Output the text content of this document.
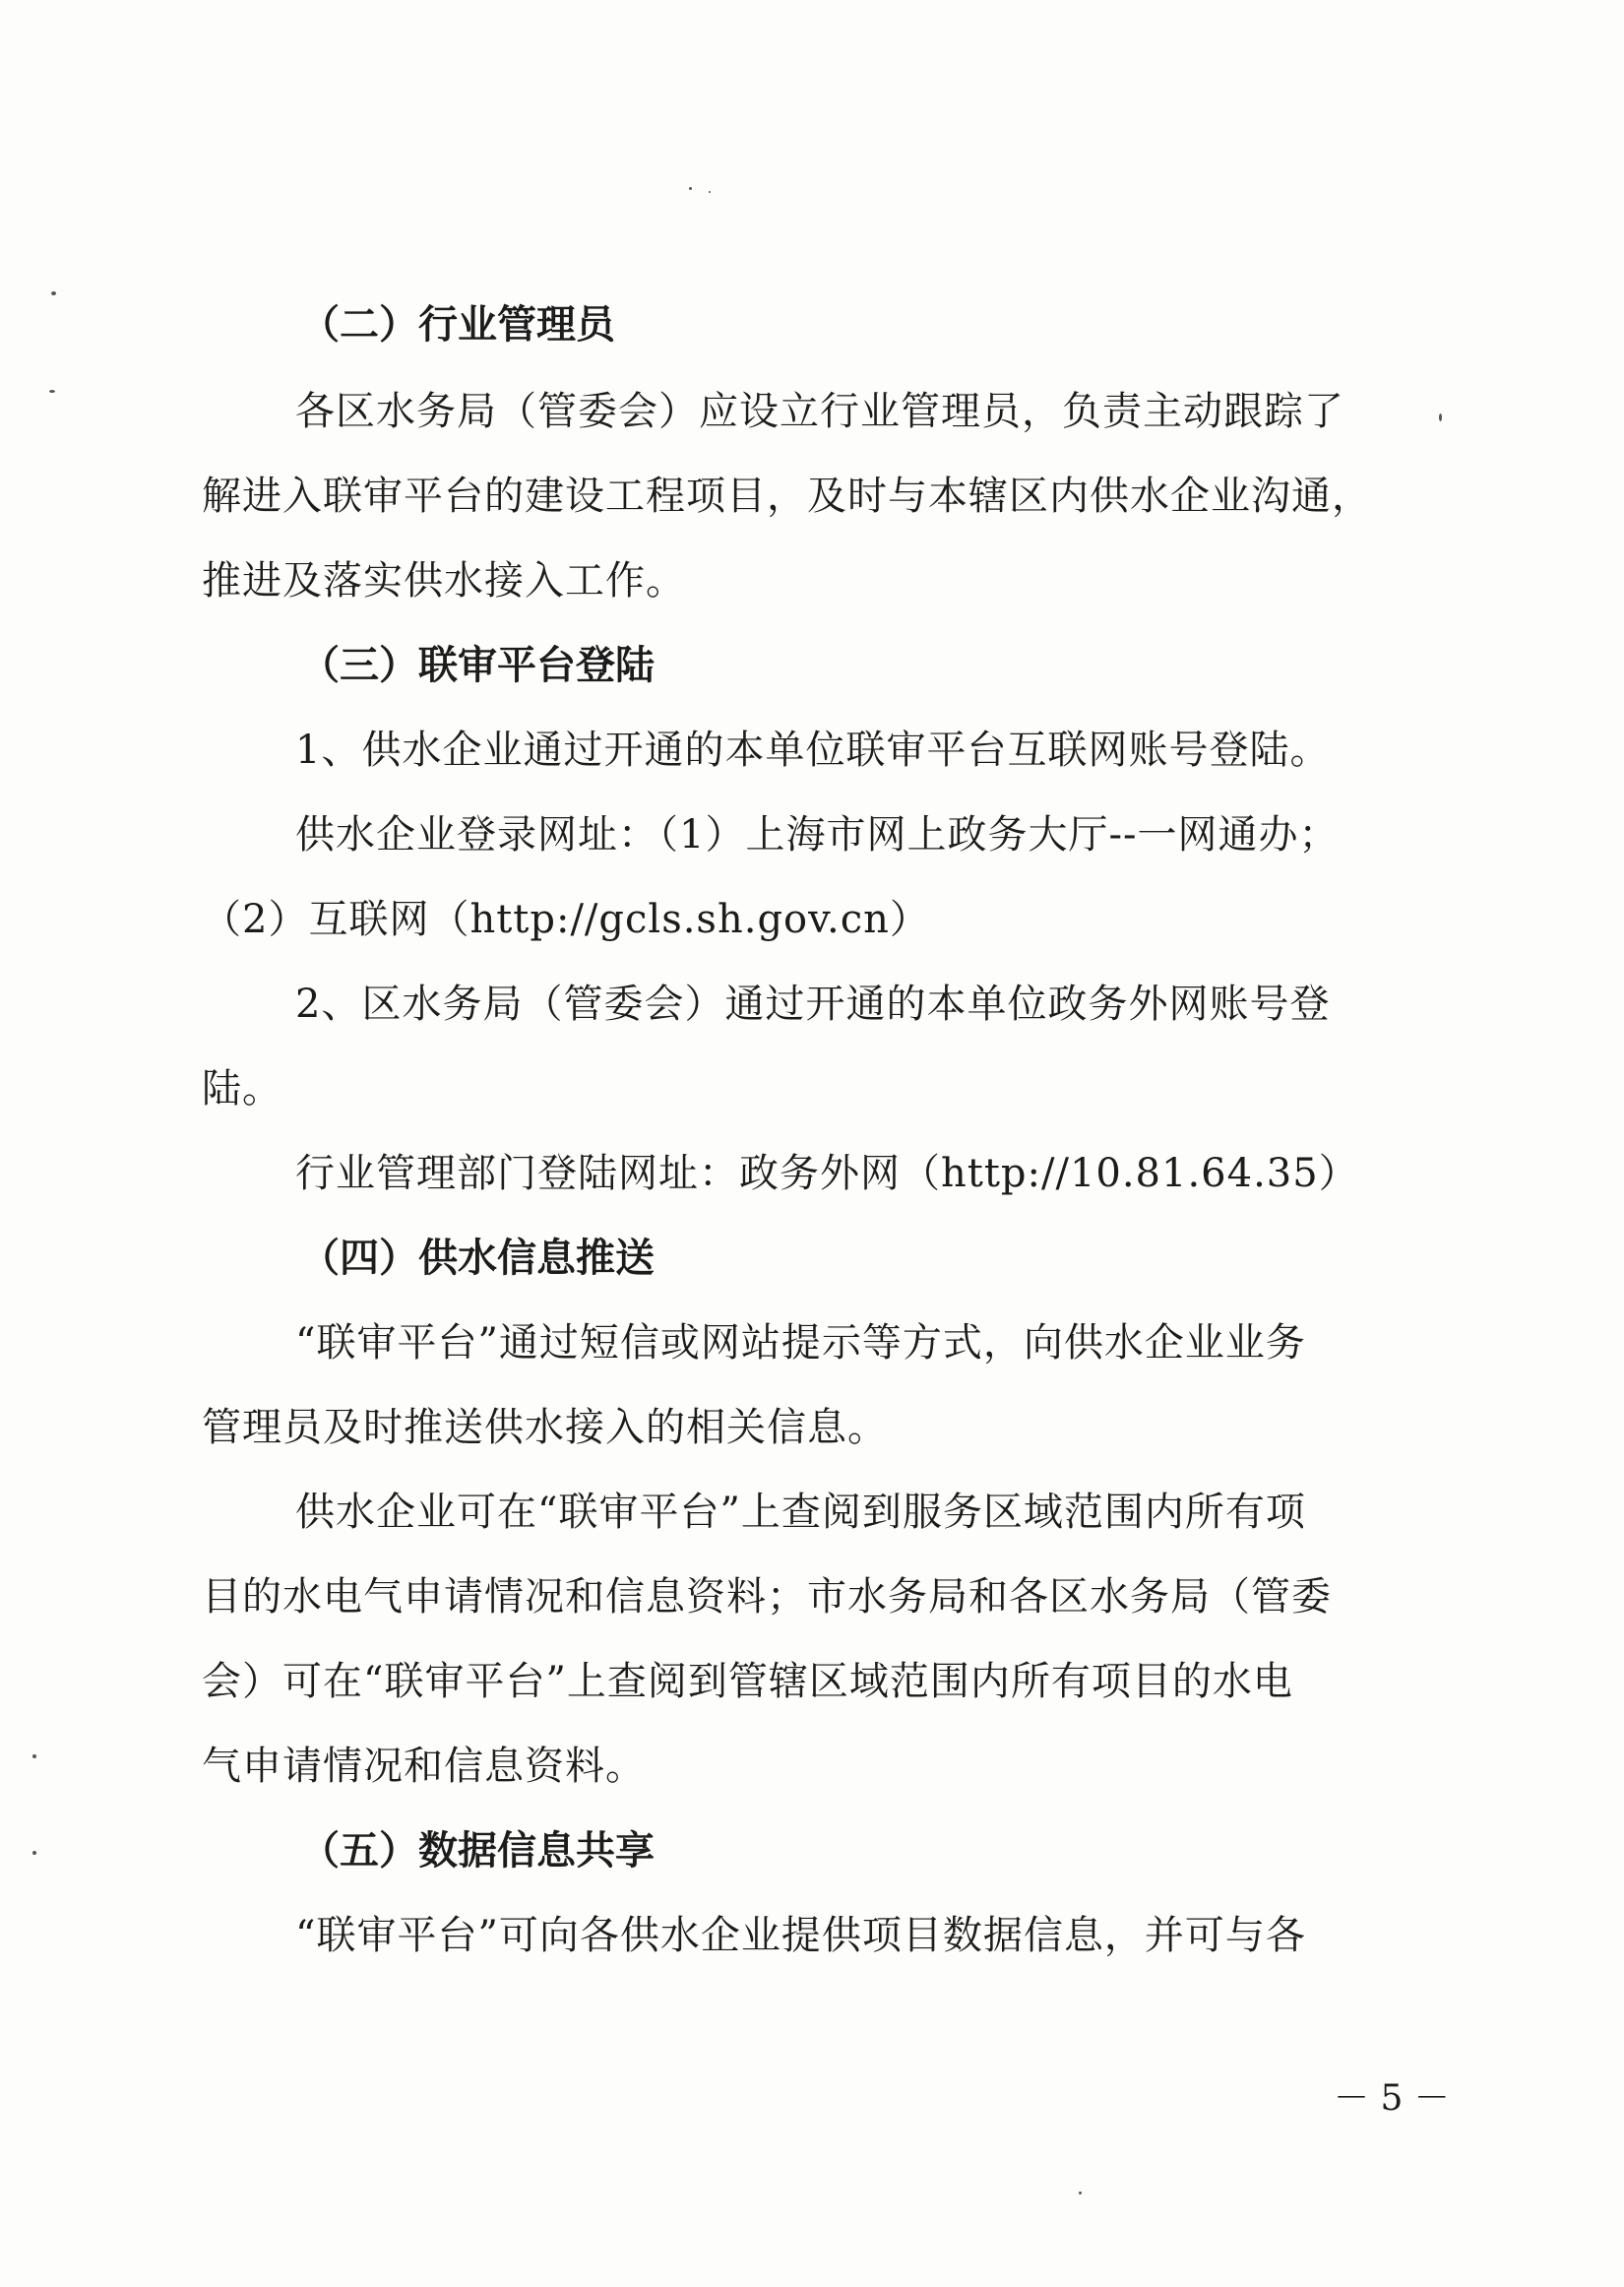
（二）行业管理员
各区水务局（管委会）应设立行业管理员，负责主动跟踪了
解进入联审平台的建设工程项目，及时与本辖区内供水企业沟通，
推进及落实供水接入工作。
（三）联审平台登陆
1、供水企业通过开通的本单位联审平台互联网账号登陆。
供水企业登录网址：（1）上海市网上政务大厅--一网通办；
（2）互联网（http://gcls.sh.gov.cn）
2、区水务局（管委会）通过开通的本单位政务外网账号登
陆。
行业管理部门登陆网址：政务外网（http://10.81.64.35）
（四）供水信息推送
“联审平台”通过短信或网站提示等方式，向供水企业业务
管理员及时推送供水接入的相关信息。
供水企业可在“联审平台”上查阅到服务区域范围内所有项
目的水电气申请情况和信息资料；市水务局和各区水务局（管委
会）可在“联审平台”上查阅到管辖区域范围内所有项目的水电
气申请情况和信息资料。
（五）数据信息共享
“联审平台”可向各供水企业提供项目数据信息，并可与各
－ 5 －
